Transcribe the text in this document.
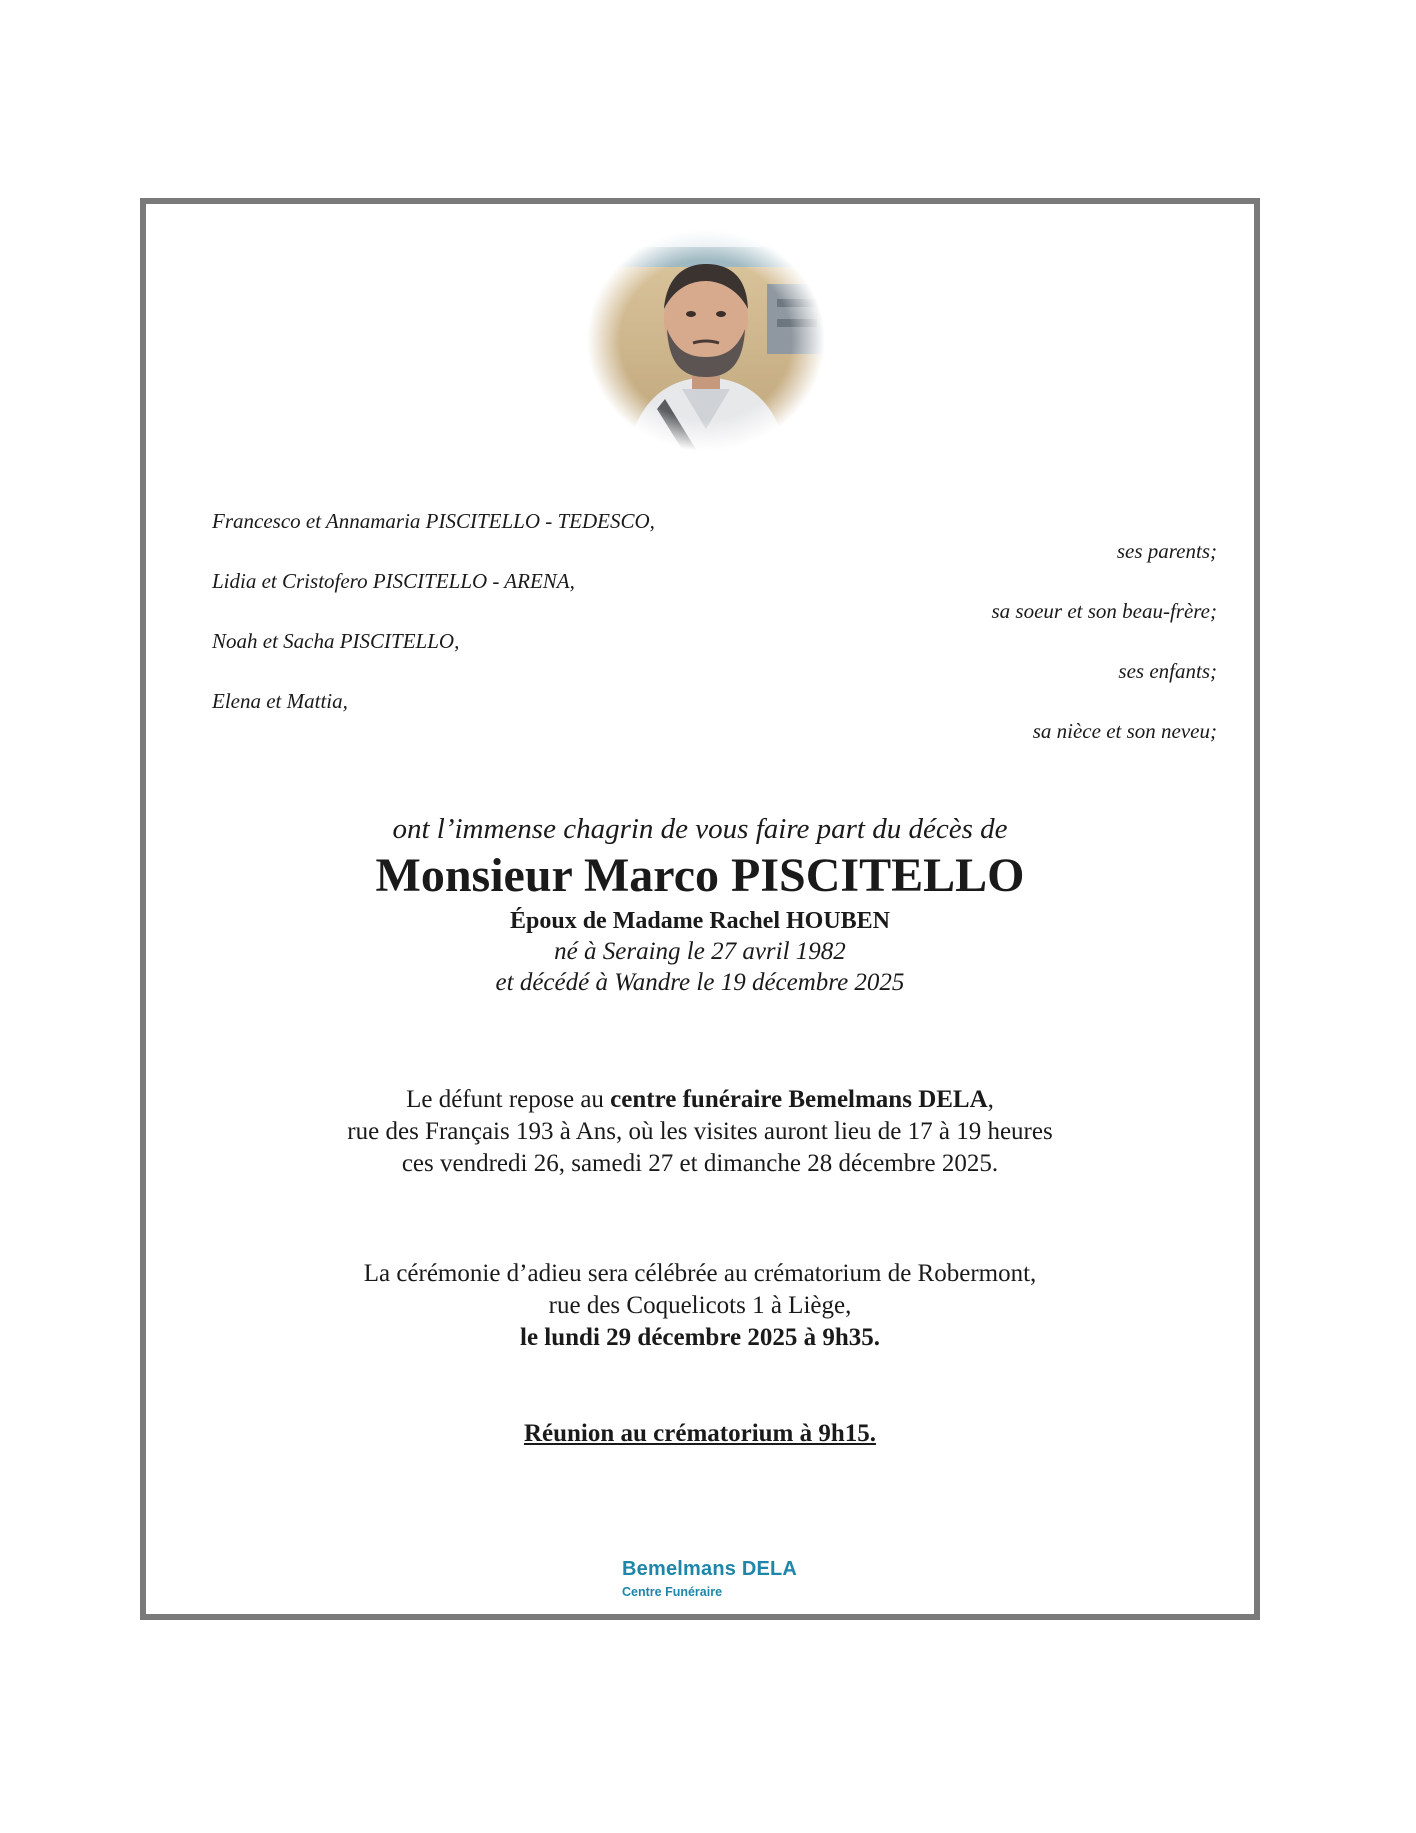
Francesco et Annamaria PISCITELLO - TEDESCO,
ses parents;
Lidia et Cristofero PISCITELLO - ARENA,
sa soeur et son beau-frère;
Noah et Sacha PISCITELLO,
ses enfants;
Elena et Mattia,
sa nièce et son neveu;

ont l’immense chagrin de vous faire part du décès de

Monsieur Marco PISCITELLO

Époux de Madame Rachel HOUBEN

né à Seraing le 27 avril 1982

et décédé à Wandre le 19 décembre 2025

Le défunt repose au centre funéraire Bemelmans DELA,
rue des Français 193 à Ans, où les visites auront lieu de 17 à 19 heures
ces vendredi 26, samedi 27 et dimanche 28 décembre 2025.
La cérémonie d’adieu sera célébrée au crématorium de Robermont,
rue des Coquelicots 1 à Liège,
le lundi 29 décembre 2025 à 9h35.
Réunion au crématorium à 9h15.
Bemelmans DELA
Centre Funéraire
